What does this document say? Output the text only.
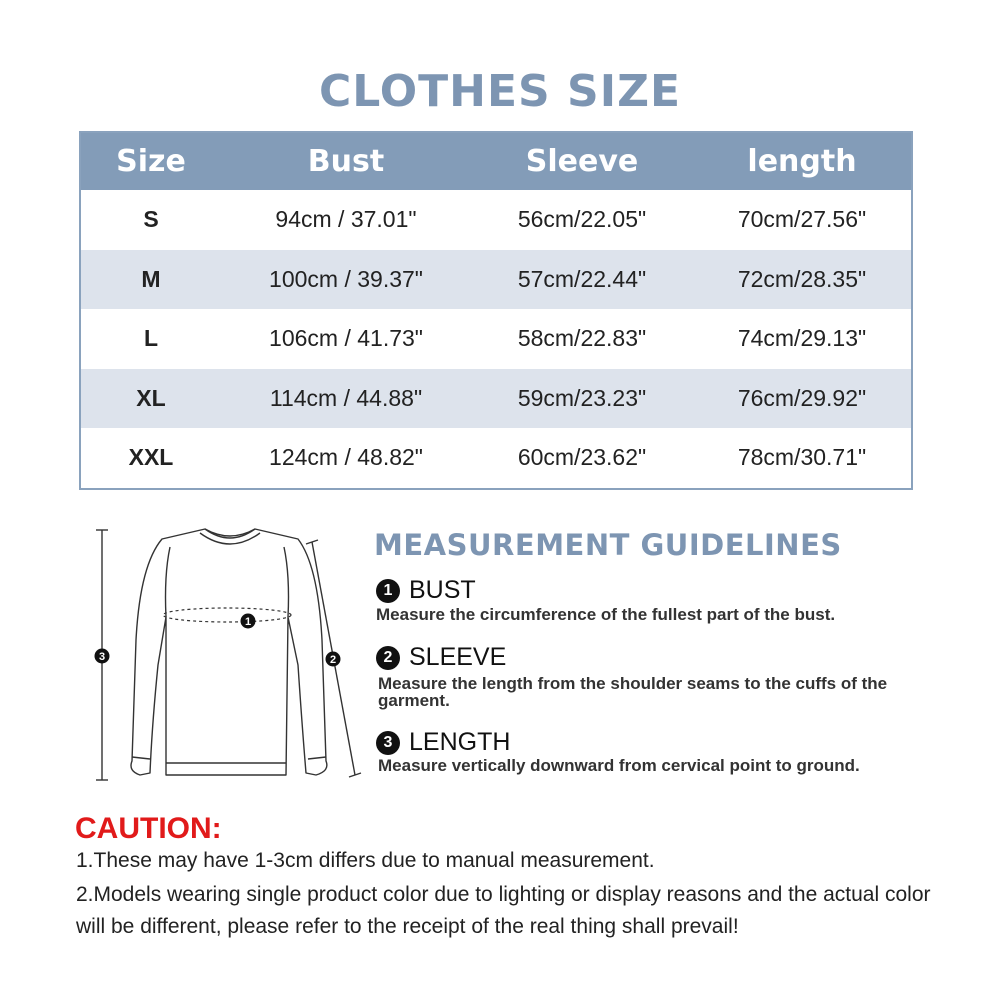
CLOTHES SIZE
Size	Bust	Sleeve	length
S	94cm / 37.01"	56cm/22.05"	70cm/27.56"
M	100cm / 39.37"	57cm/22.44"	72cm/28.35"
L	106cm / 41.73"	58cm/22.83"	74cm/29.13"
XL	114cm / 44.88"	59cm/23.23"	76cm/29.92"
XXL	124cm / 48.82"	60cm/23.62"	78cm/30.71"
1
3	2
MEASUREMENT GUIDELINES
1 BUST
Measure the circumference of the fullest part of the bust.
2 SLEEVE
Measure the length from the shoulder seams to the cuffs of the garment.
3 LENGTH
Measure vertically downward from cervical point to ground.
CAUTION:
1.These may have 1-3cm differs due to manual measurement.
2.Models wearing single product color due to lighting or display reasons and the actual color will be different, please refer to the receipt of the real thing shall prevail!
